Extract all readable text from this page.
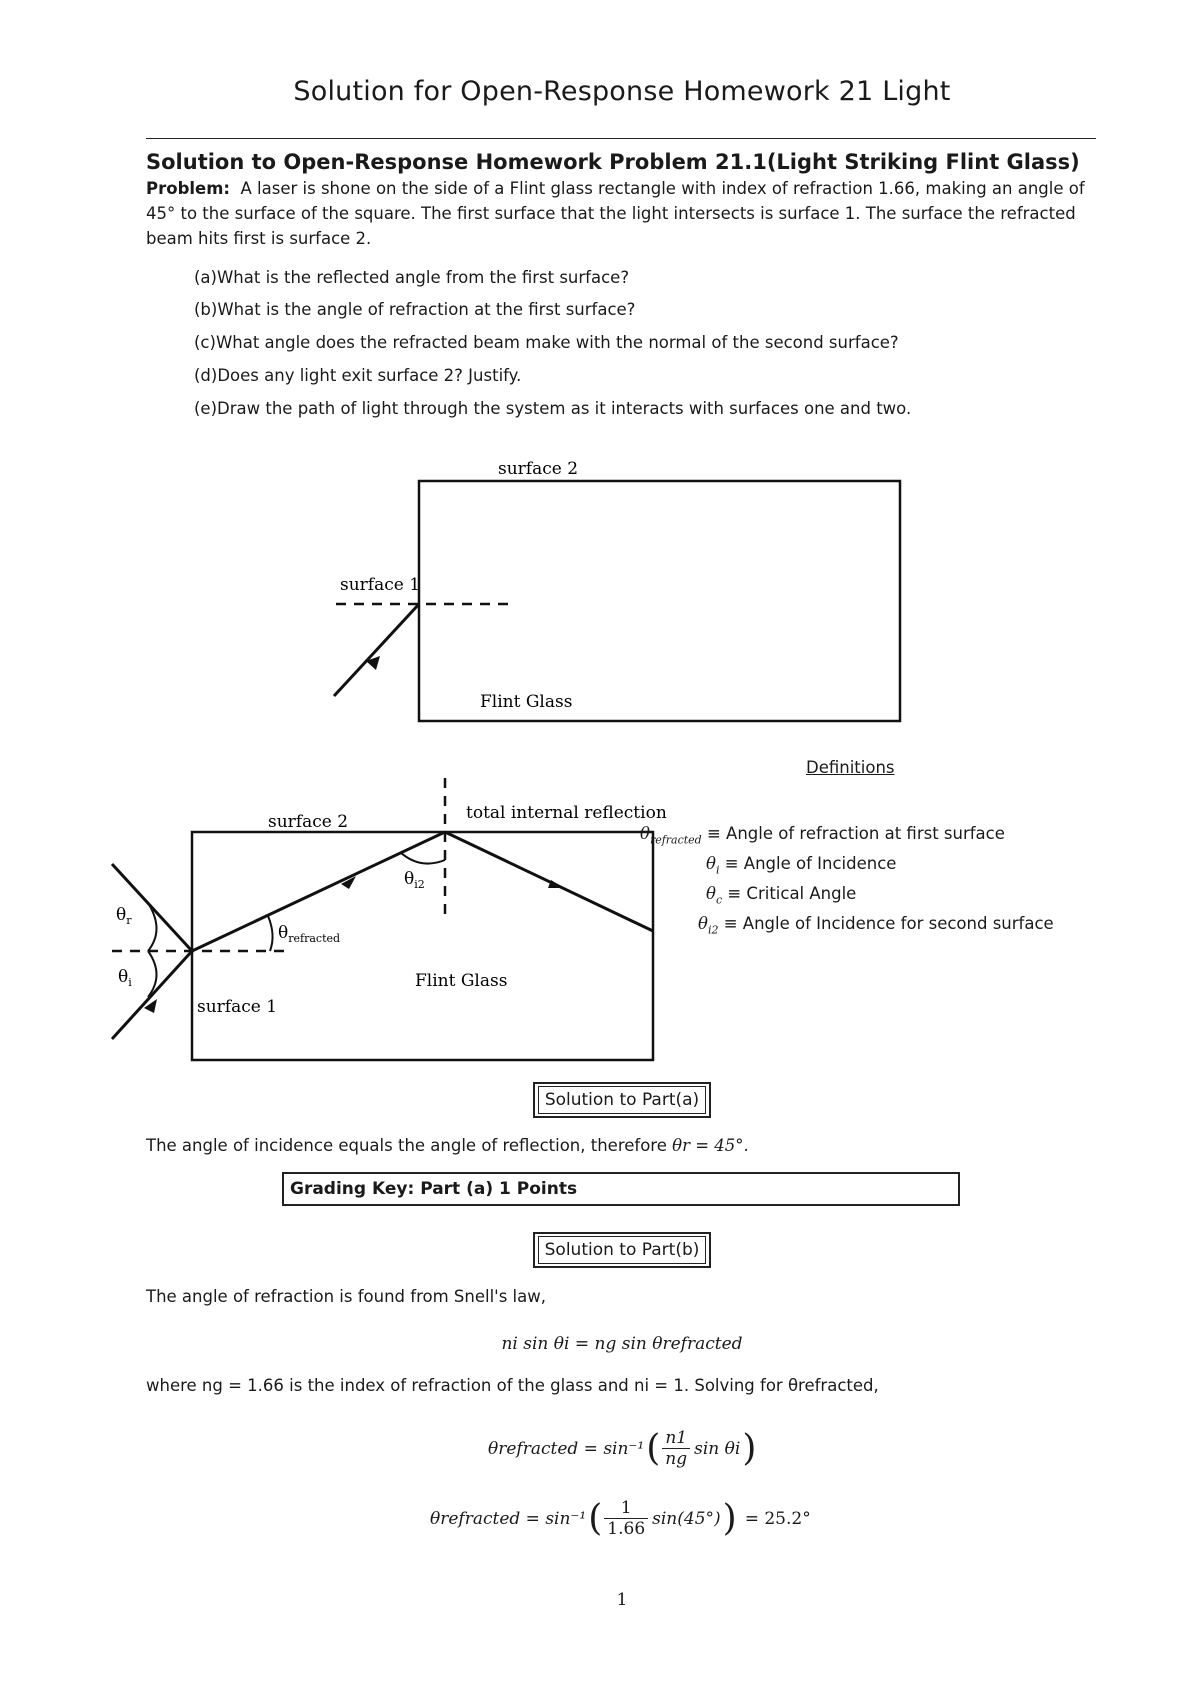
Solution for Open-Response Homework 21 Light
Solution to Open-Response Homework Problem 21.1(Light Striking Flint Glass)
Problem: A laser is shone on the side of a Flint glass rectangle with index of refraction 1.66, making an angle of 45° to the surface of the square. The first surface that the light intersects is surface 1. The surface the refracted beam hits first is surface 2.
(a)What is the reflected angle from the first surface?
(b)What is the angle of refraction at the first surface?
(c)What angle does the refracted beam make with the normal of the second surface?
(d)Does any light exit surface 2? Justify.
(e)Draw the path of light through the system as it interacts with surfaces one and two.
surface 2
surface 1
Flint Glass
surface 2
surface 1
Flint Glass
total internal reflection
$\theta_r$
$\theta_i$
$\theta_{refracted}$
$\theta_{i2}$
Definitions
$\theta_{refracted}$ ≡ Angle of refraction at first surface
$\theta_i$ ≡ Angle of Incidence
$\theta_c$ ≡ Critical Angle
$\theta_{i2}$ ≡ Angle of Incidence for second surface
Solution to Part(a)
The angle of incidence equals the angle of reflection, therefore θr = 45°.
Grading Key: Part (a) 1 Points
Solution to Part(b)
The angle of refraction is found from Snell's law,
ni sin θi = ng sin θrefracted
where ng = 1.66 is the index of refraction of the glass and ni = 1. Solving for θrefracted,
θrefracted = sin⁻¹ ( n1
ng
sin θi )
θrefracted = sin⁻¹ ( 1
1.66
sin(45°) ) = 25.2°
1
